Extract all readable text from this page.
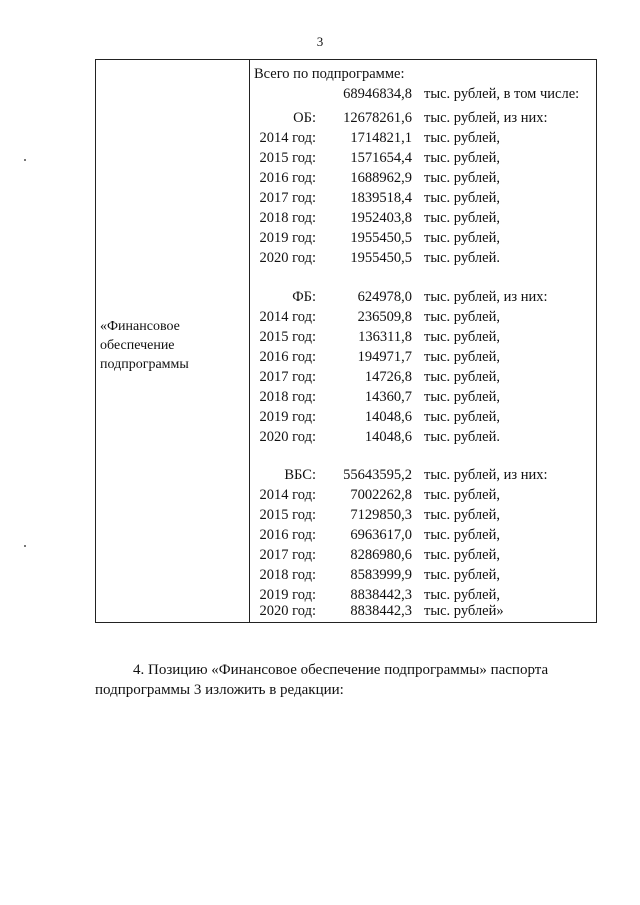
3
«Финансовое обеспечение подпрограммы
Всего по подпрограмме:
68946834,8 тыс. рублей, в том числе:
ОБ:	12678261,6 тыс. рублей, из них:
2014 год:	1714821,1 тыс. рублей,
2015 год:	1571654,4 тыс. рублей,
2016 год:	1688962,9 тыс. рублей,
2017 год:	1839518,4 тыс. рублей,
2018 год:	1952403,8 тыс. рублей,
2019 год:	1955450,5 тыс. рублей,
2020 год:	1955450,5 тыс. рублей.
ФБ:	624978,0 тыс. рублей, из них:
2014 год:	236509,8 тыс. рублей,
2015 год:	136311,8 тыс. рублей,
2016 год:	194971,7 тыс. рублей,
2017 год:	14726,8 тыс. рублей,
2018 год:	14360,7 тыс. рублей,
2019 год:	14048,6 тыс. рублей,
2020 год:	14048,6 тыс. рублей.
ВБС:	55643595,2 тыс. рублей, из них:
2014 год:	7002262,8 тыс. рублей,
2015 год:	7129850,3 тыс. рублей,
2016 год:	6963617,0 тыс. рублей,
2017 год:	8286980,6 тыс. рублей,
2018 год:	8583999,9 тыс. рублей,
2019 год:	8838442,3 тыс. рублей,
2020 год:	8838442,3 тыс. рублей»
4. Позицию «Финансовое обеспечение подпрограммы» паспорта
подпрограммы 3 изложить в редакции:
